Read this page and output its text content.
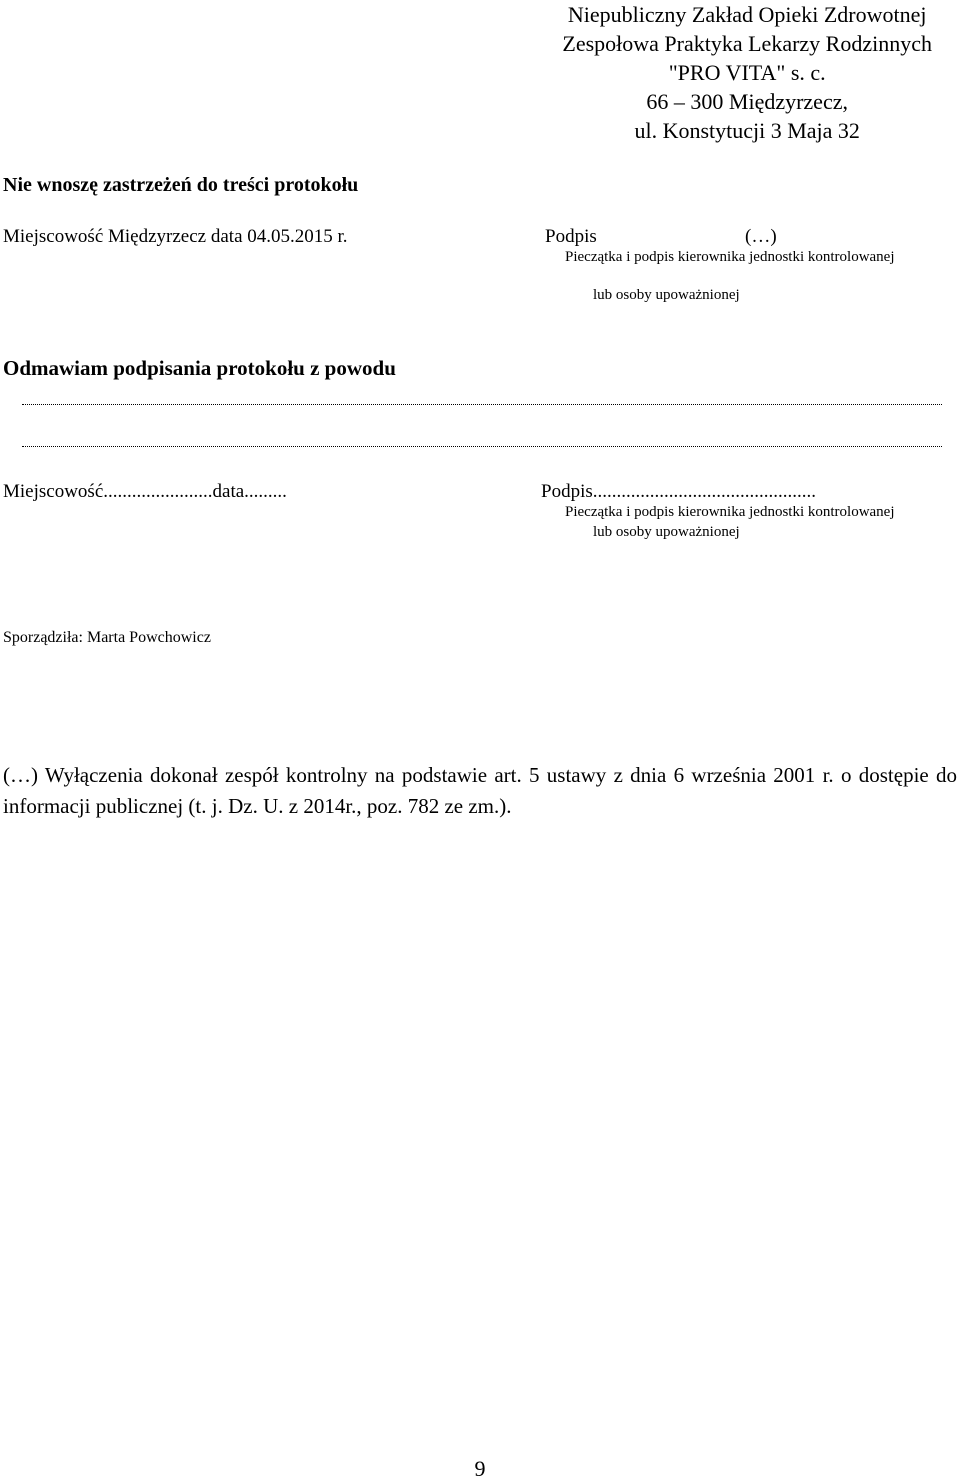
Niepubliczny Zakład Opieki Zdrowotnej
Zespołowa Praktyka Lekarzy Rodzinnych
"PRO VITA" s. c.
66 – 300 Międzyrzecz,
ul. Konstytucji 3 Maja 32
Nie wnoszę zastrzeżeń do treści protokołu
Miejscowość Międzyrzecz data 04.05.2015 r.	Podpis	(…)
Pieczątka i podpis kierownika jednostki kontrolowanej
lub osoby upoważnionej
Odmawiam podpisania protokołu z powodu
Miejscowość.......................data.........	Podpis...............................................
Pieczątka i podpis kierownika jednostki kontrolowanej
lub osoby upoważnionej
Sporządziła: Marta Powchowicz
(…) Wyłączenia dokonał zespół kontrolny na podstawie art. 5 ustawy z dnia 6 września 2001 r. o dostępie do informacji publicznej (t. j. Dz. U. z 2014r., poz. 782 ze zm.).
9
